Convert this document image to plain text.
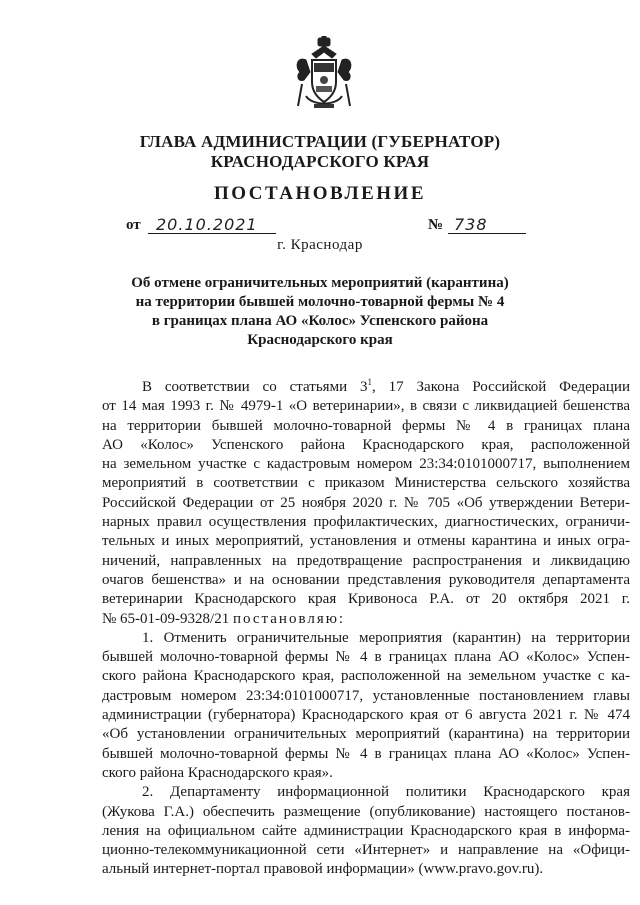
ГЛАВА АДМИНИСТРАЦИИ (ГУБЕРНАТОР)
КРАСНОДАРСКОГО КРАЯ
ПОСТАНОВЛЕНИЕ
от 20.10.2021	№ 738
г. Краснодар
Об отмене ограничительных мероприятий (карантина)
на территории бывшей молочно-товарной фермы № 4
в границах плана АО «Колос» Успенского района
Краснодарского края
В соответствии со статьями $3^1$, 17 Закона Российской Федерации
от 14 мая 1993 г. № 4979-1 «О ветеринарии», в связи с ликвидацией бешенства
на территории бывшей молочно-товарной фермы № 4 в границах плана
АО «Колос» Успенского района Краснодарского края, расположенной
на земельном участке с кадастровым номером 23:34:0101000717, выполнением
мероприятий в соответствии с приказом Министерства сельского хозяйства
Российской Федерации от 25 ноября 2020 г. № 705 «Об утверждении Ветери-
нарных правил осуществления профилактических, диагностических, ограничи-
тельных и иных мероприятий, установления и отмены карантина и иных огра-
ничений, направленных на предотвращение распространения и ликвидацию
очагов бешенства» и на основании представления руководителя департамента
ветеринарии Краснодарского края Кривоноса Р.А. от 20 октября 2021 г.
№ 65-01-09-9328/21 постановляю:
1. Отменить ограничительные мероприятия (карантин) на территории
бывшей молочно-товарной фермы № 4 в границах плана АО «Колос» Успен-
ского района Краснодарского края, расположенной на земельном участке с ка-
дастровым номером 23:34:0101000717, установленные постановлением главы
администрации (губернатора) Краснодарского края от 6 августа 2021 г. № 474
«Об установлении ограничительных мероприятий (карантина) на территории
бывшей молочно-товарной фермы № 4 в границах плана АО «Колос» Успен-
ского района Краснодарского края».
2. Департаменту информационной политики Краснодарского края
(Жукова Г.А.) обеспечить размещение (опубликование) настоящего постанов-
ления на официальном сайте администрации Краснодарского края в информа-
ционно-телекоммуникационной сети «Интернет» и направление на «Офици-
альный интернет-портал правовой информации» (www.pravo.gov.ru).
